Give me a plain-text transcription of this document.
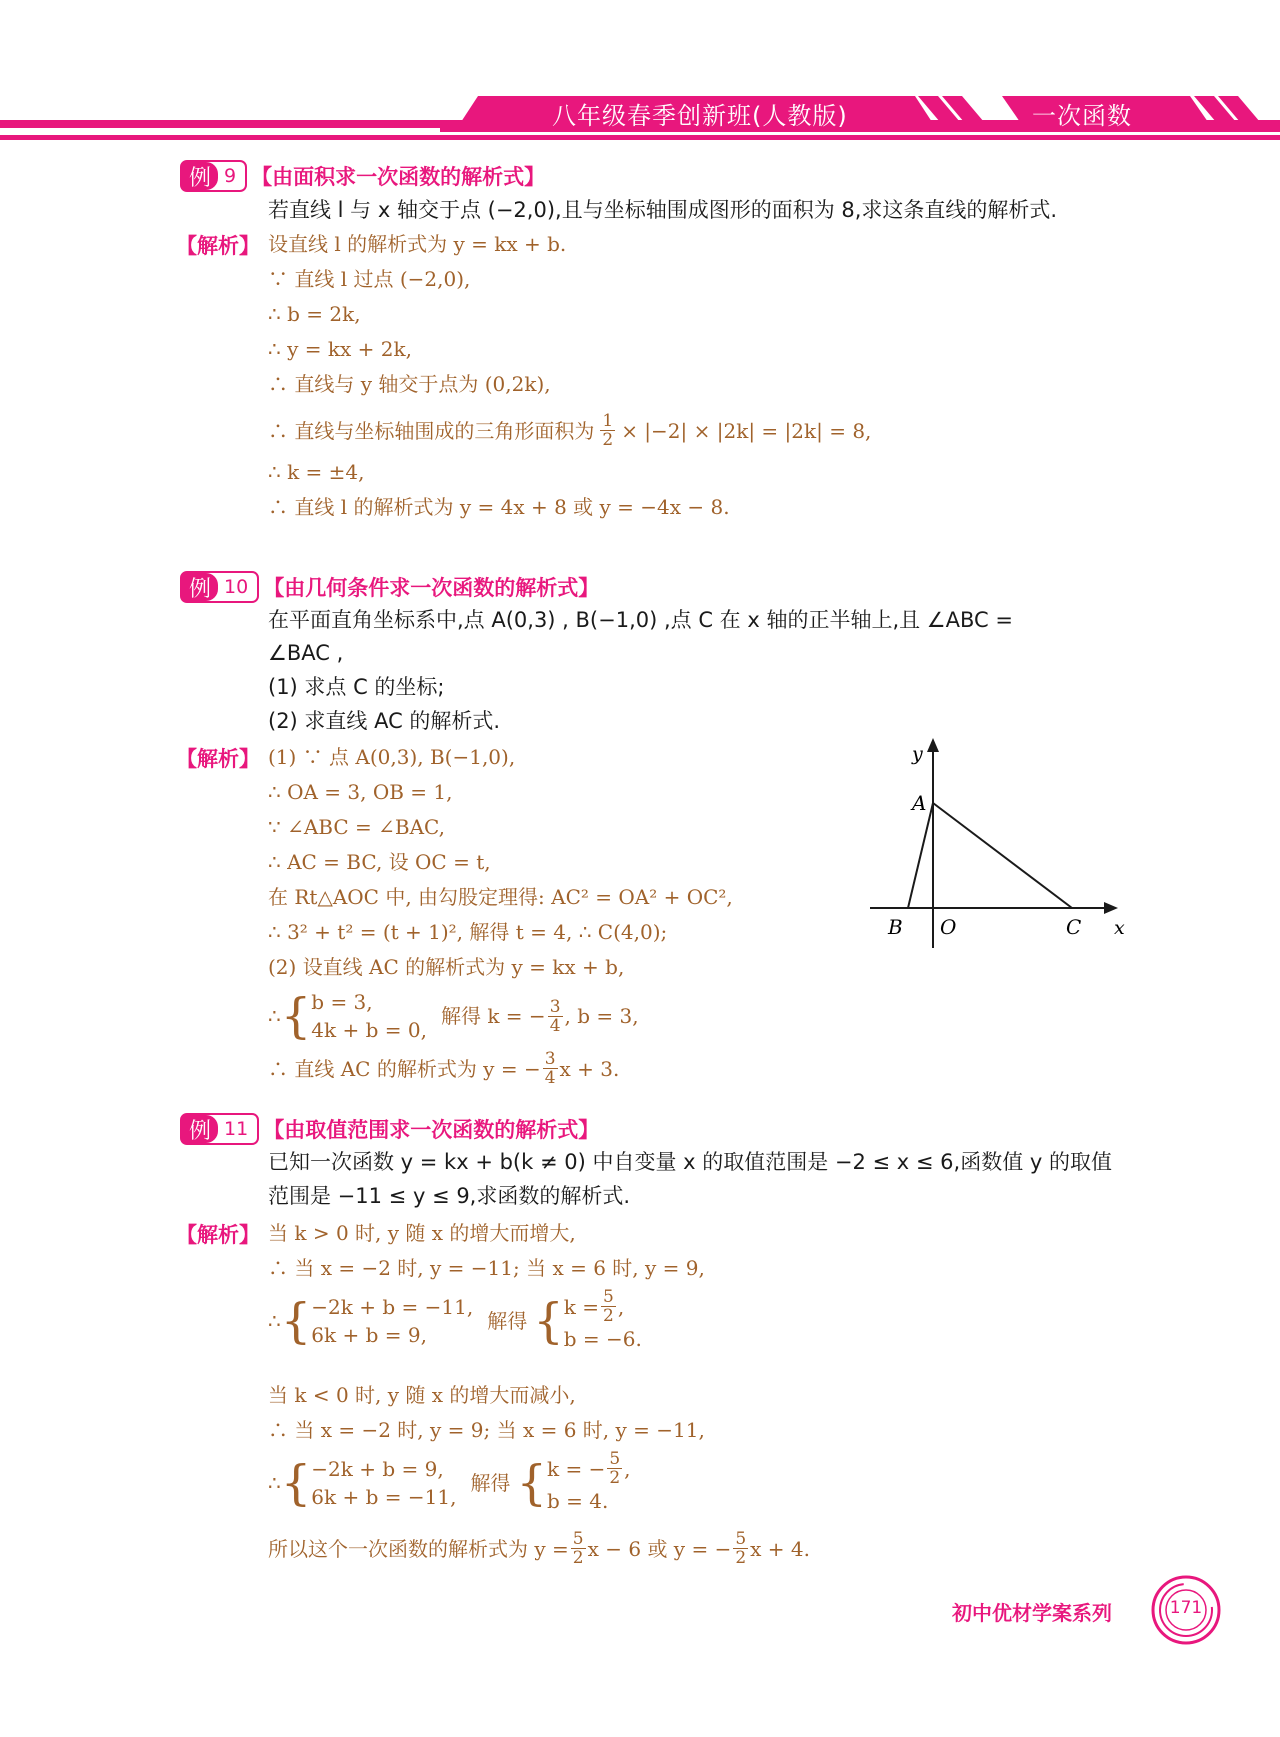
八年级春季创新班(人教版)	一次函数
例 9 【由面积求一次函数的解析式】
若直线 l 与 x 轴交于点 (−2,0),且与坐标轴围成图形的面积为 8,求这条直线的解析式.
【解析】 设直线 l 的解析式为 y = kx + b.
∵ 直线 l 过点 (−2,0),
∴ b = 2k,
∴ y = kx + 2k,
∴ 直线与 y 轴交于点为 (0,2k),
∴ 直线与坐标轴围成的三角形面积为 $\frac{1}{2} \times |-2| \times |2k| = |2k| = 8$,
∴ k = ±4,
∴ 直线 l 的解析式为 y = 4x + 8 或 y = −4x − 8.
例 10 【由几何条件求一次函数的解析式】
在平面直角坐标系中,点 A(0,3) , B(−1,0) ,点 C 在 x 轴的正半轴上,且 ∠ABC =
∠BAC ,
(1) 求点 C 的坐标;
(2) 求直线 AC 的解析式.
【解析】 (1) ∵ 点 A(0,3), B(−1,0),
∴ OA = 3, OB = 1,
∵ ∠ABC = ∠BAC,
∴ AC = BC, 设 OC = t,
在 Rt△AOC 中, 由勾股定理得: AC² = OA² + OC²,
∴ 3² + t² = (t + 1)², 解得 t = 4, ∴ C(4,0);
(2) 设直线 AC 的解析式为 y = kx + b,
∴ { b = 3,
4k + b = 0,
解得 k = − $\frac{3}{4}$ , b = 3,
∴ 直线 AC 的解析式为 y = − $\frac{3}{4}$ x + 3.
y
x
A
B O	C
例 11 【由取值范围求一次函数的解析式】
已知一次函数 y = kx + b(k ≠ 0) 中自变量 x 的取值范围是 −2 ≤ x ≤ 6,函数值 y 的取值
范围是 −11 ≤ y ≤ 9,求函数的解析式.
【解析】 当 k > 0 时, y 随 x 的增大而增大,
∴ 当 x = −2 时, y = −11; 当 x = 6 时, y = 9,
∴ { −2k + b = −11,
6k + b = 9,
解得 { $k = \frac{5}{2}$ ,
b = −6.
当 k < 0 时, y 随 x 的增大而减小,
∴ 当 x = −2 时, y = 9; 当 x = 6 时, y = −11,
∴ { −2k + b = 9,
6k + b = −11,
解得 { k = − $\frac{5}{2}$ ,
b = 4.
所以这个一次函数的解析式为 $y = \frac{5}{2}$ x − 6 或 y = − $\frac{5}{2}$ x + 4.
初中优材学案系列	171
